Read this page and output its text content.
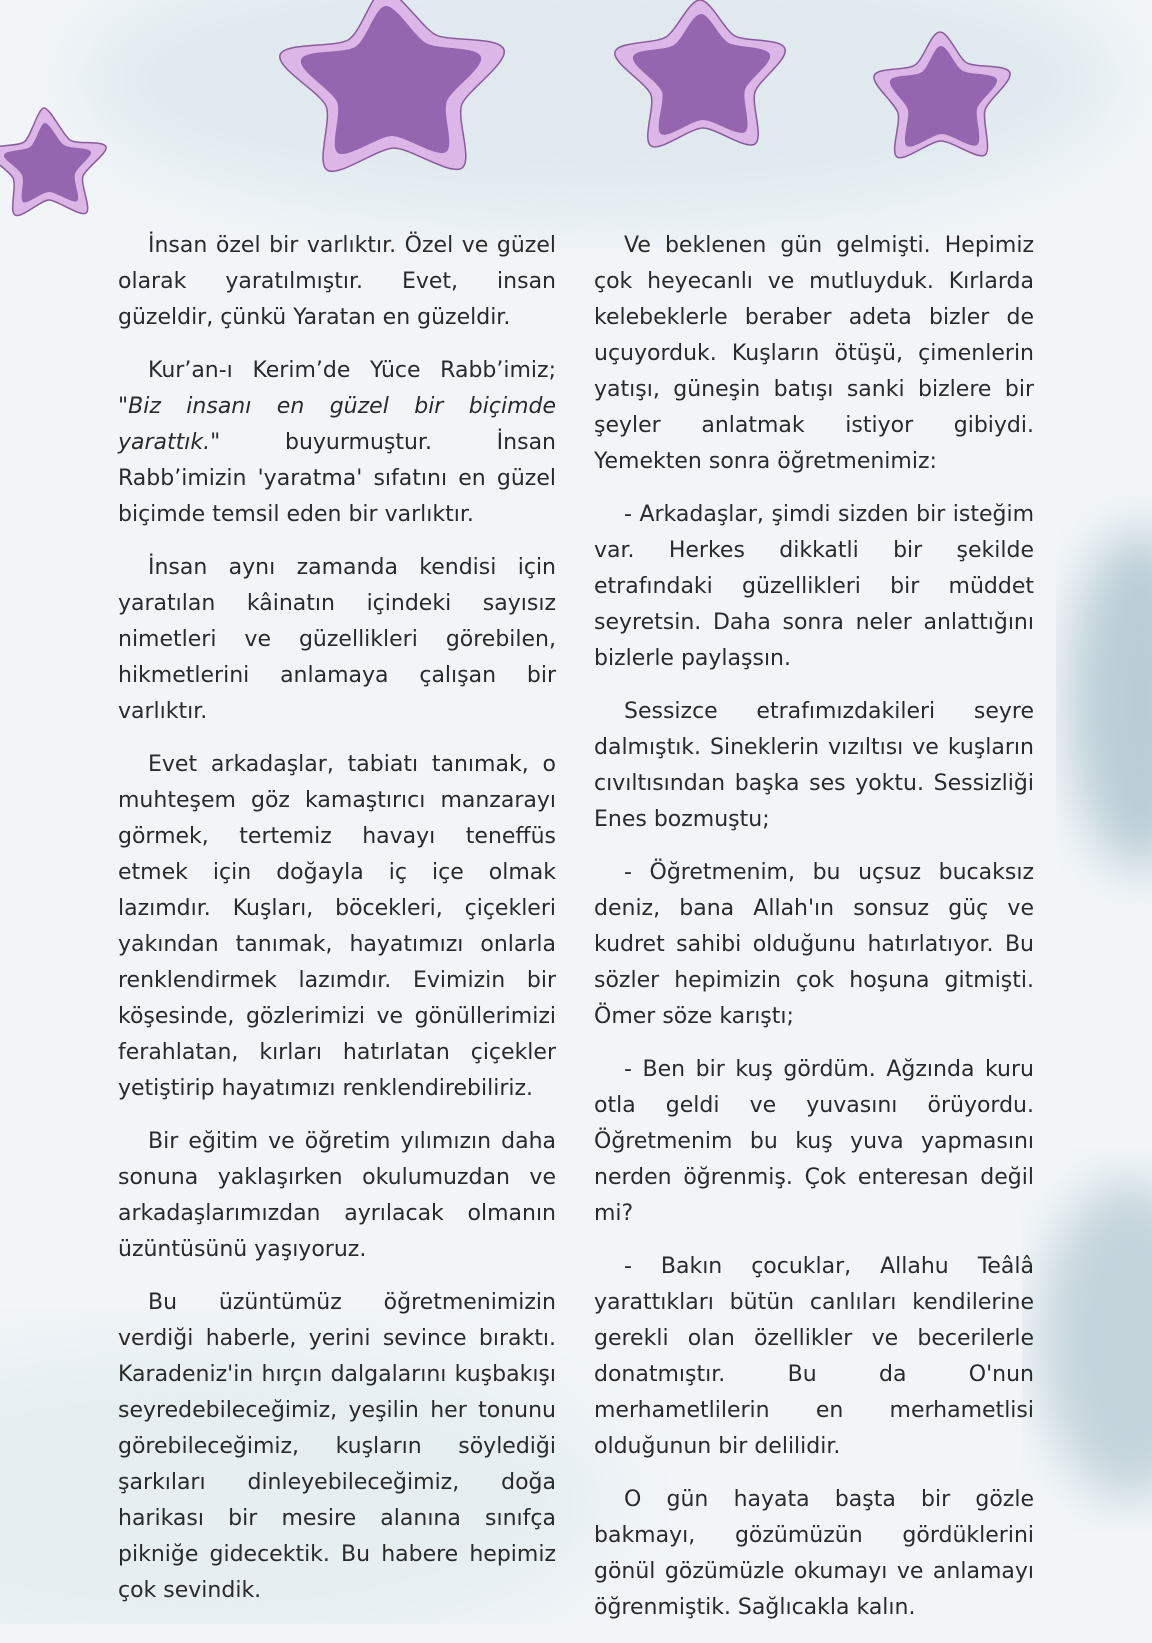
İnsan özel bir varlıktır. Özel ve güzel olarak yaratılmıştır. Evet, insan güzeldir, çünkü Yaratan en güzeldir.

Kur’an-ı Kerim’de Yüce Rabb’imiz; "Biz insanı en güzel bir biçimde yarattık." buyurmuştur. İnsan Rabb’imizin 'yaratma' sıfatını en güzel biçimde temsil eden bir varlıktır.

İnsan aynı zamanda kendisi için yaratılan kâinatın içindeki sayısız nimetleri ve güzellikleri görebilen, hikmetlerini anlamaya çalışan bir varlıktır.

Evet arkadaşlar, tabiatı tanımak, o muhteşem göz kamaştırıcı manzarayı görmek, tertemiz havayı teneffüs etmek için doğayla iç içe olmak lazımdır. Kuşları, böcekleri, çiçekleri yakından tanımak, hayatımızı onlarla renklendirmek lazımdır. Evimizin bir köşesinde, gözlerimizi ve gönüllerimizi ferahlatan, kırları hatırlatan çiçekler yetiştirip hayatımızı renklendirebiliriz.

Bir eğitim ve öğretim yılımızın daha sonuna yaklaşırken okulumuzdan ve arkadaşlarımızdan ayrılacak olmanın üzüntüsünü yaşıyoruz.

Bu üzüntümüz öğretmenimizin verdiği haberle, yerini sevince bıraktı. Karadeniz'in hırçın dalgalarını kuşbakışı seyredebileceğimiz, yeşilin her tonunu görebileceğimiz, kuşların söylediği şarkıları dinleyebileceğimiz, doğa harikası bir mesire alanına sınıfça pikniğe gidecektik. Bu habere hepimiz çok sevindik.

Ve beklenen gün gelmişti. Hepimiz çok heyecanlı ve mutluyduk. Kırlarda kelebeklerle beraber adeta bizler de uçuyorduk. Kuşların ötüşü, çimenlerin yatışı, güneşin batışı sanki bizlere bir şeyler anlatmak istiyor gibiydi. Yemekten sonra öğretmenimiz:

- Arkadaşlar, şimdi sizden bir isteğim var. Herkes dikkatli bir şekilde etrafındaki güzellikleri bir müddet seyretsin. Daha sonra neler anlattığını bizlerle paylaşsın.

Sessizce etrafımızdakileri seyre dalmıştık. Sineklerin vızıltısı ve kuşların cıvıltısından başka ses yoktu. Sessizliği Enes bozmuştu;

- Öğretmenim, bu uçsuz bucaksız deniz, bana Allah'ın sonsuz güç ve kudret sahibi olduğunu hatırlatıyor. Bu sözler hepimizin çok hoşuna gitmişti. Ömer söze karıştı;

- Ben bir kuş gördüm. Ağzında kuru otla geldi ve yuvasını örüyordu. Öğretmenim bu kuş yuva yapmasını nerden öğrenmiş. Çok enteresan değil mi?

- Bakın çocuklar, Allahu Teâlâ yarattıkları bütün canlıları kendilerine gerekli olan özellikler ve becerilerle donatmıştır. Bu da O'nun merhametlilerin en merhametlisi olduğunun bir delilidir.

O gün hayata başta bir gözle bakmayı, gözümüzün gördüklerini gönül gözümüzle okumayı ve anlamayı öğrenmiştik. Sağlıcakla kalın.
